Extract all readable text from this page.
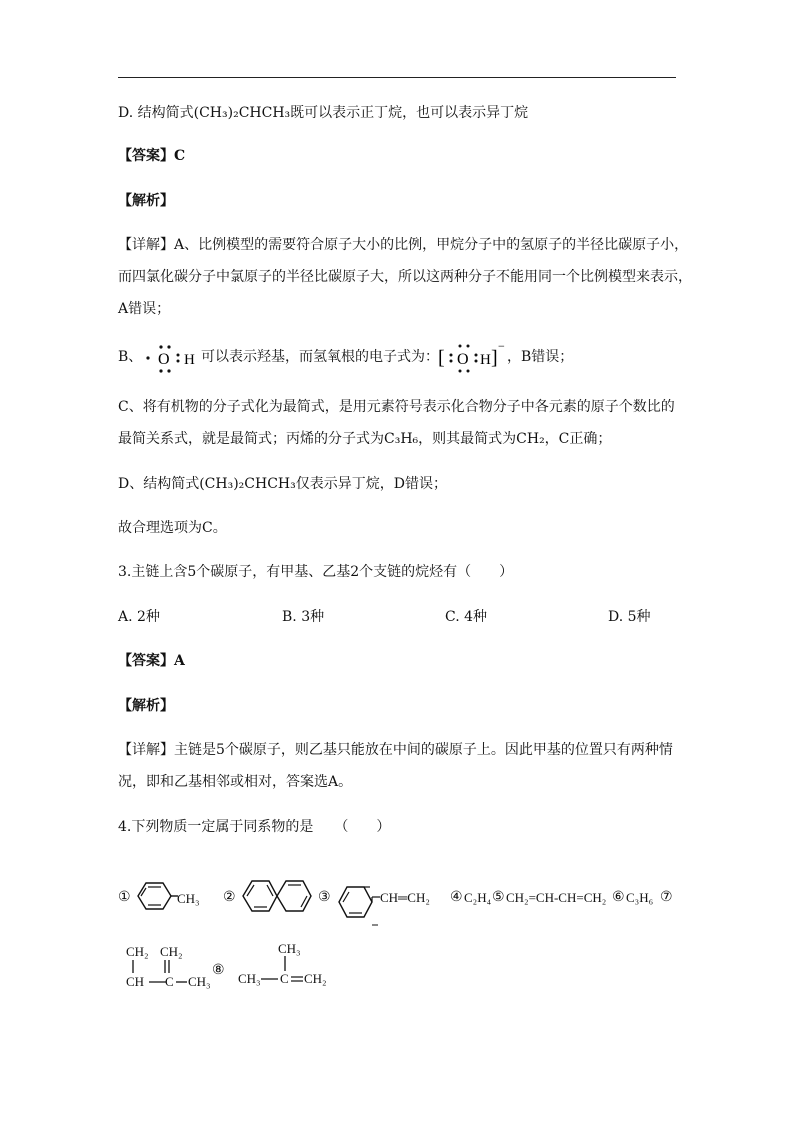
D. 结构简式(CH₃)₂CHCH₃既可以表示正丁烷，也可以表示异丁烷
【答案】C
【解析】
【详解】A、比例模型的需要符合原子大小的比例，甲烷分子中的氢原子的半径比碳原子小，
而四氯化碳分子中氯原子的半径比碳原子大，所以这两种分子不能用同一个比例模型来表示，
A错误；
B、 O H 可以表示羟基，而氢氧根的电子式为： [ O H ]
−
，B错误；
C、将有机物的分子式化为最简式，是用元素符号表示化合物分子中各元素的原子个数比的
最简关系式，就是最简式；丙烯的分子式为C₃H₆，则其最简式为CH₂，C正确；
D、结构简式(CH₃)₂CHCH₃仅表示异丁烷，D错误；
故合理选项为C。
3.主链上含5个碳原子，有甲基、乙基2个支链的烷烃有（　　）
A. 2种	B. 3种	C. 4种	D. 5种
【答案】A
【解析】
【详解】主链是5个碳原子，则乙基只能放在中间的碳原子上。因此甲基的位置只有两种情
况，即和乙基相邻或相对，答案选A。
4.下列物质一定属于同系物的是　　（　　）
①	CH₃ ②	③	CH═CH₂ ④ C₂H₄ ⑤ CH₂=CH-CH=CH₂ ⑥ C₃H₆ ⑦
CH₂ CH₂
CH C CH₃
⑧
CH₃
CH₃ C CH₂
